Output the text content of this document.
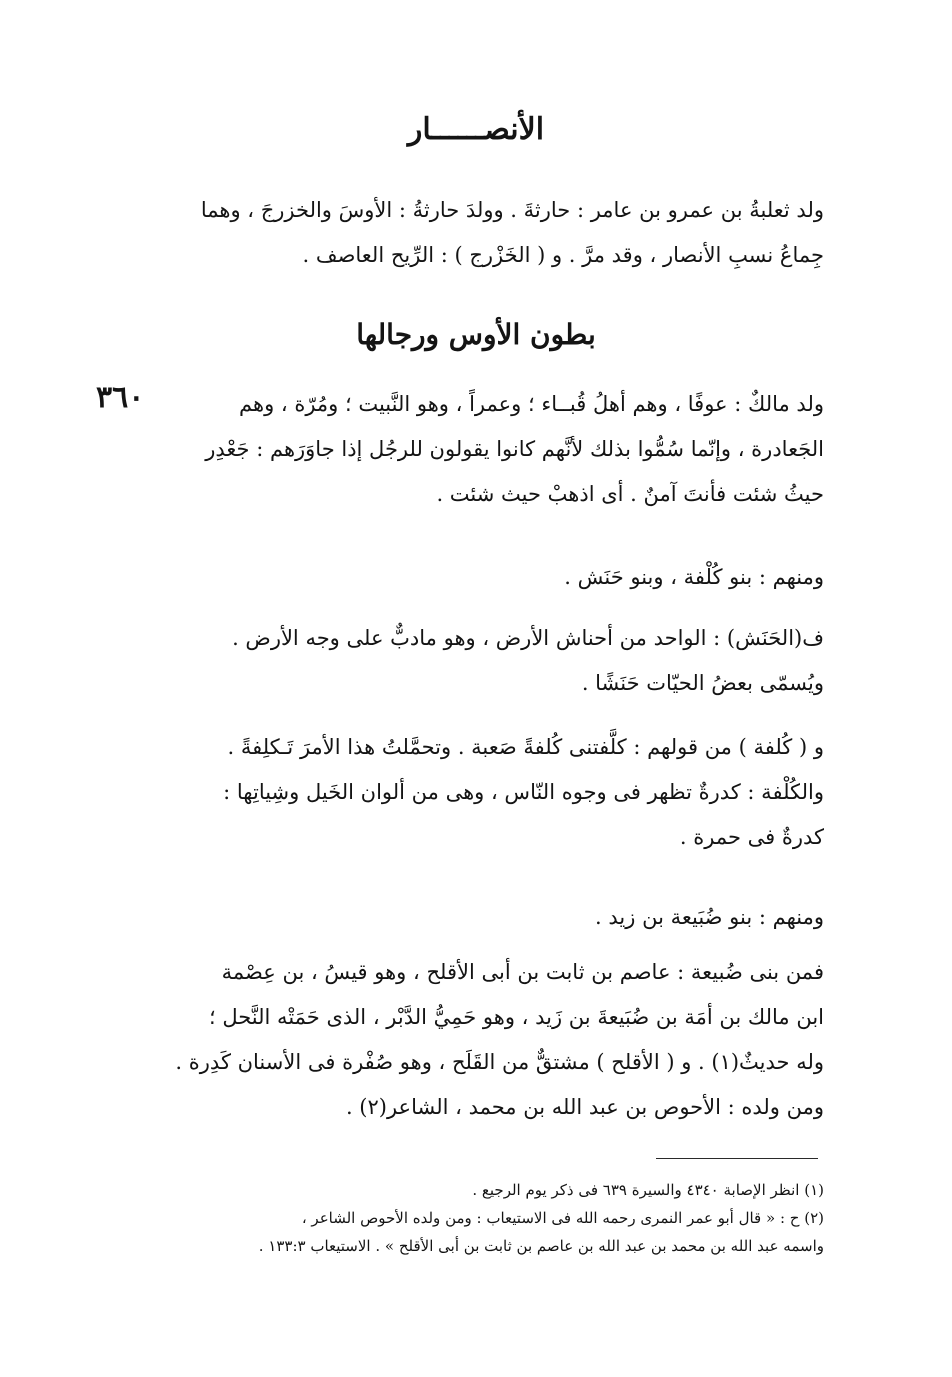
الأنصــــــار

ولد ثعلبةُ بن عمرو بن عامر : حارثةَ . وولدَ حارثةُ : الأوسَ والخزرجَ ، وهما

جِماعُ نسبِ الأنصار ، وقد مرَّ . و ( الخَزْرج ) : الرِّيح العاصف .

بطون الأوس ورجالها
٣٦٠	ولد مالكٌ : عوفًا ، وهم أهلُ قُبــاء ؛ وعمراً ، وهو النَّبيت ؛ ومُرّة ، وهم

الجَعادرة ، وإنّما سُمُّوا بذلك لأنَّهم كانوا يقولون للرجُل إذا جاوَرَهم : جَعْدِر

حيثُ شئت فأنتَ آمنٌ . أى اذهبْ حيث شئت .

ومنهم : بنو كُلْفة ، وبنو حَنَش .

ف(الحَنَش) : الواحد من أحناش الأرض ، وهو مادبٌّ على وجه الأرض .

ويُسمّى بعضُ الحيّات حَنَشًا .

و ( كُلفة ) من قولهم : كلَّفتنى كُلفةً صَعبة . وتحمَّلتُ هذا الأمرَ تَـكلِفةً .

والكُلْفة : كدرةٌ تظهر فى وجوه النّاس ، وهى من ألوان الخَيل وشِياتِها :

كدرةٌ فى حمرة .

ومنهم : بنو ضُبَيعة بن زيد .

فمن بنى ضُبيعة : عاصم بن ثابت بن أبى الأقلح ، وهو قيسُ ، بن عِصْمة

ابن مالك بن أمَة بن ضُبَيعةَ بن زَيد ، وهو حَمِيُّ الدَّبْر ، الذى حَمَتْه النَّحل ؛

وله حديثٌ(١) . و ( الأقلح ) مشتقٌّ من القَلَح ، وهو صُفْرة فى الأسنان كَدِرة .

ومن ولده : الأحوص بن عبد الله بن محمد ، الشاعر(٢) .

(١) انظر الإصابة ٤٣٤٠ والسيرة ٦٣٩ فى ذكر يوم الرجيع .

(٢) ح : « قال أبو عمر النمرى رحمه الله فى الاستيعاب : ومن ولده الأحوص الشاعر ،

واسمه عبد الله بن محمد بن عبد الله بن عاصم بن ثابت بن أبى الأقلح » . الاستيعاب ١٣٣:٣ .
